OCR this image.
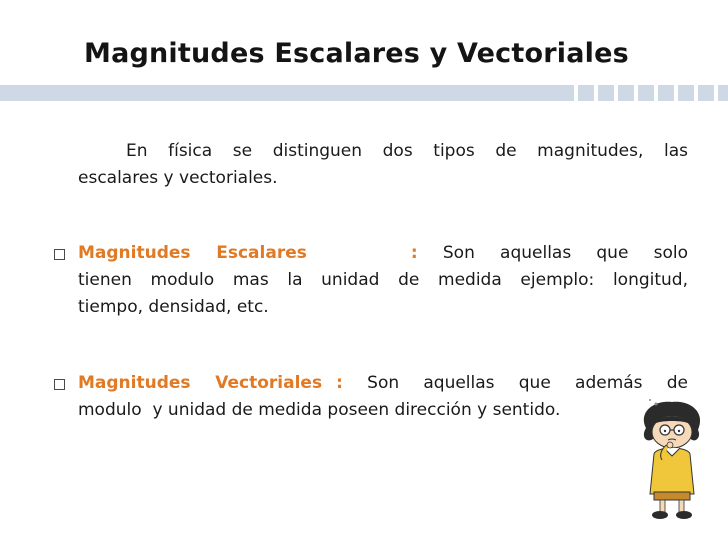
Magnitudes Escalares y Vectoriales
En física se distinguen dos tipos de magnitudes, las
escalares y vectoriales.
Magnitudes Escalares	: Son aquellas que solo
tienen modulo mas la unidad de medida ejemplo: longitud,
tiempo, densidad, etc.
Magnitudes Vectoriales : Son aquellas que además de
modulo  y unidad de medida poseen dirección y sentido.
